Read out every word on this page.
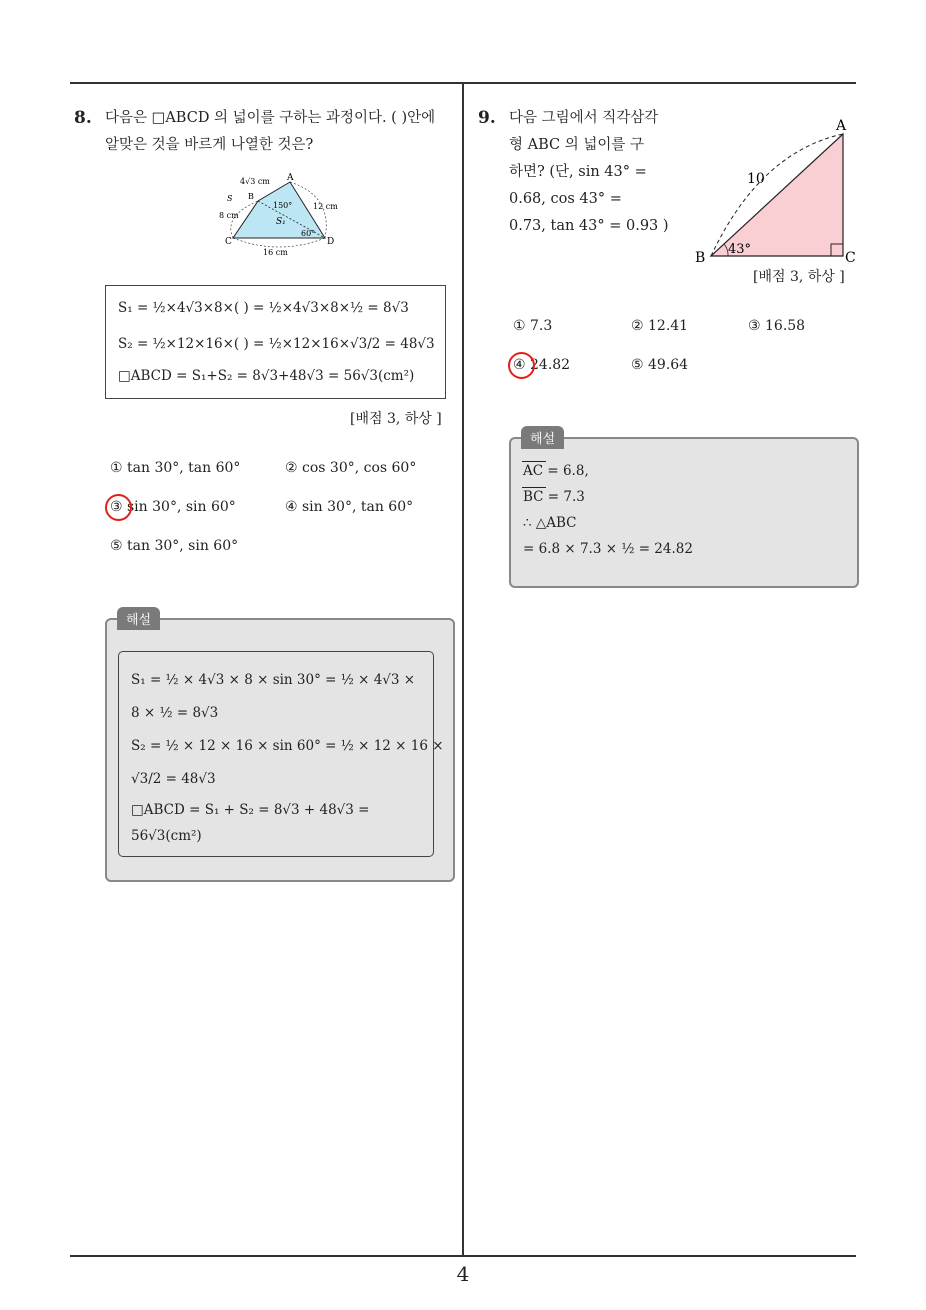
8. 다음은 □ABCD 의 넓이를 구하는 과정이다. ( )안에
알맞은 것을 바르게 나열한 것은?
4√3 cm A
B
S
150°
S₁
12 cm
8 cm
60°
C	D
16 cm
S₁ = ½×4√3×8×( ) = ½×4√3×8×½ = 8√3
S₂ = ½×12×16×( ) = ½×12×16×√3/2 = 48√3
□ABCD = S₁+S₂ = 8√3+48√3 = 56√3(cm²)
[배점 3, 하상 ]
① tan 30°, tan 60°	② cos 30°, cos 60°
③ sin 30°, sin 60°	④ sin 30°, tan 60°
⑤ tan 30°, sin 60°
해설
S₁ = ½ × 4√3 × 8 × sin 30° = ½ × 4√3 ×
8 × ½ = 8√3
S₂ = ½ × 12 × 16 × sin 60° = ½ × 12 × 16 ×
√3/2 = 48√3
□ABCD = S₁ + S₂ = 8√3 + 48√3 =
56√3(cm²)
9. 다음 그림에서 직각삼각
형 ABC 의 넓이를 구
하면? (단, sin 43° =
0.68, cos 43° =
0.73, tan 43° = 0.93 )
A
B	C
10
43°
[배점 3, 하상 ]
① 7.3	② 12.41	③ 16.58
④ 24.82	⑤ 49.64
AC = 6.8,
BC = 7.3
∴ △ABC
= 6.8 × 7.3 × ½ = 24.82
해설
4
